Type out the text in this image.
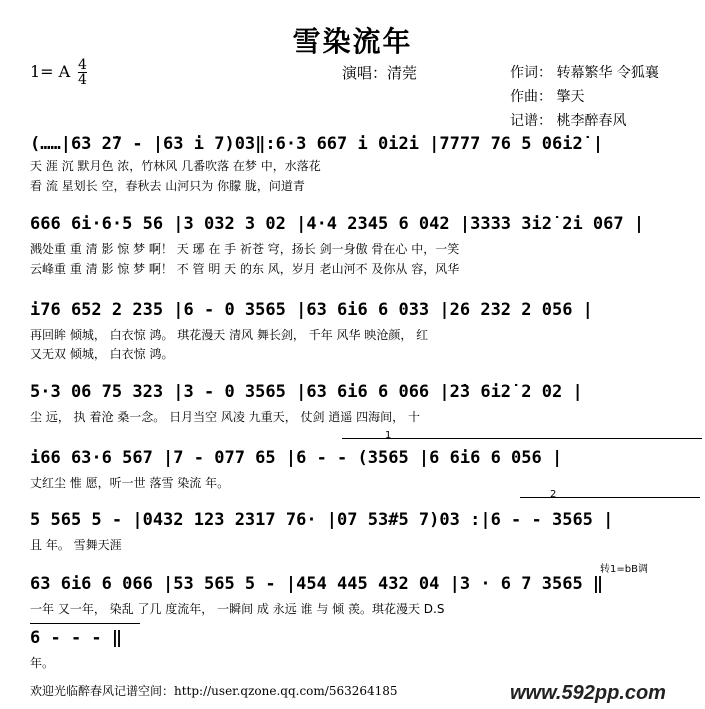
雪染流年
1= A 4
4	演唱：清莞	作词： 转幕繁华 令狐襄
作曲： 擎天
记谱： 桃李醉春风
(……|63 2̇7 - |63 i 7)03‖:6·3 667 i 0i2̇i |7777 76 5 06i2̇ |
天 涯 沉 默月色 浓，竹林风 几番吹落 在梦 中，水落花
看 流 星划长 空，春秋去 山河只为 你朦 胧，问道青
666 6i·6·5 56 |3 032 3 02 |4·4 2345 6 042 |3333 3i2̇ 2̇i 067 |
溅处重 重 清 影 惊 梦 啊！ 天 琊 在 手 祈苍 穹，扬长 剑一身傲 骨在心 中，一笑
云峰重 重 清 影 惊 梦 啊！ 不 管 明 天 的东 风，岁月 老山河不 及你从 容，风华
i76 652 2 235 |6 - 0 3565 |63 6i6 6 033 |26 232 2 056 |
再回眸 倾城， 白衣惊 鸿。 琪花漫天 清风 舞长剑， 千年 风华 映沧颜， 红
又无双 倾城， 白衣惊 鸿。
5·3 06 75 323 |3 - 0 3565 |63 6i6 6 066 |2̇3 6i2̇ 2 02 |
尘 远， 执 着沧 桑一念。 日月当空 风凌 九重天， 仗剑 逍遥 四海间， 十
1
i66 63·6 567 |7 - 077 65 |6 - - (3565 |6 6i6 6 056 |
丈红尘 惟 愿，听一世 落雪 染流 年。
2
5 565 5 - |0432 123 2317 76· |07 53#5 7)03 :|6 - - 3565 |
且 年。 雪舞天涯
转1=bB调
63 6i6 6 066 |53 565 5 - |454 445 432 04 |3 · 6 7 3565 ‖
一年 又一年， 染乱 了几 度流年， 一瞬间 成 永远 谁 与 倾 羡。琪花漫天 D.S
6 - - - ‖
年。
欢迎光临醉春风记谱空间：http://user.qzone.qq.com/563264185	www.592pp.com
